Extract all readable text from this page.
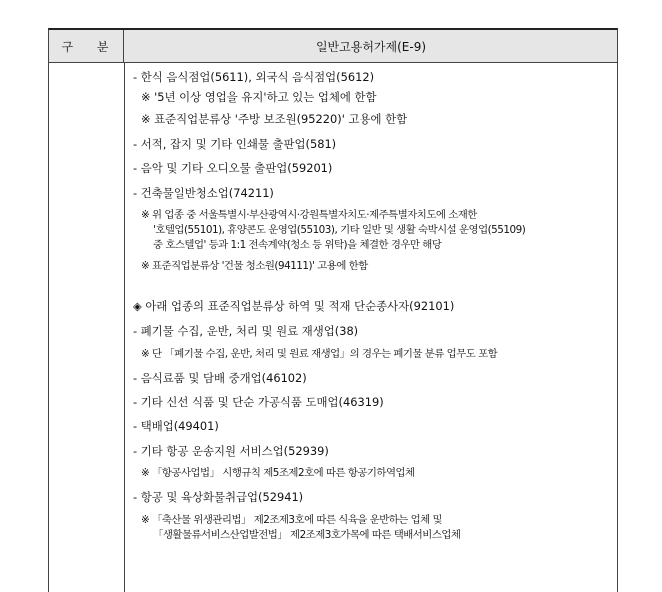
구 분	일반고용허가제(E-9)
- 한식 음식점업(5611), 외국식 음식점업(5612)
※ '5년 이상 영업을 유지'하고 있는 업체에 한함
※ 표준직업분류상 '주방 보조원(95220)' 고용에 한함
- 서적, 잡지 및 기타 인쇄물 출판업(581)
- 음악 및 기타 오디오물 출판업(59201)
- 건축물일반청소업(74211)
※ 위 업종 중 서울특별시·부산광역시·강원특별자치도·제주특별자치도에 소재한
'호텔업(55101), 휴양콘도 운영업(55103), 기타 일반 및 생활 숙박시설 운영업(55109)
중 호스텔업' 등과 1:1 전속계약(청소 등 위탁)을 체결한 경우만 해당
※ 표준직업분류상 '건물 청소원(94111)' 고용에 한함
◈ 아래 업종의 표준직업분류상 하역 및 적재 단순종사자(92101)
- 폐기물 수집, 운반, 처리 및 원료 재생업(38)
※ 단 「폐기물 수집, 운반, 처리 및 원료 재생업」의 경우는 폐기물 분류 업무도 포함
- 음식료품 및 담배 중개업(46102)
- 기타 신선 식품 및 단순 가공식품 도매업(46319)
- 택배업(49401)
- 기타 항공 운송지원 서비스업(52939)
※ 「항공사업법」 시행규칙 제5조제2호에 따른 항공기하역업체
- 항공 및 육상화물취급업(52941)
※ 「축산물 위생관리법」 제2조제3호에 따른 식육을 운반하는 업체 및
「생활물류서비스산업발전법」 제2조제3호가목에 따른 택배서비스업체
